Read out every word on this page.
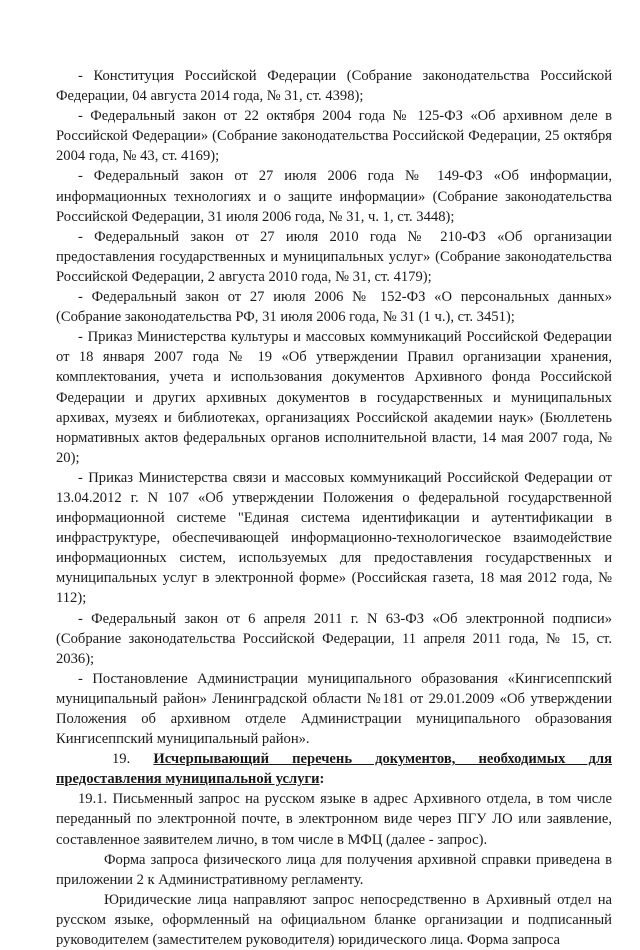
- Конституция Российской Федерации (Собрание законодательства Российской Федерации, 04 августа 2014 года, № 31, ст. 4398);

- Федеральный закон от 22 октября 2004 года № 125-ФЗ «Об архивном деле в Российской Федерации» (Собрание законодательства Российской Федерации, 25 октября 2004 года, № 43, ст. 4169);

- Федеральный закон от 27 июля 2006 года № 149-ФЗ «Об информации, информационных технологиях и о защите информации» (Собрание законодательства Российской Федерации, 31 июля 2006 года, № 31, ч. 1, ст. 3448);

- Федеральный закон от 27 июля 2010 года № 210-ФЗ «Об организации предоставления государственных и муниципальных услуг» (Собрание законодательства Российской Федерации, 2 августа 2010 года, № 31, ст. 4179);

- Федеральный закон от 27 июля 2006 № 152-ФЗ «О персональных данных» (Собрание законодательства РФ, 31 июля 2006 года, № 31 (1 ч.), ст. 3451);

- Приказ Министерства культуры и массовых коммуникаций Российской Федерации от 18 января 2007 года № 19 «Об утверждении Правил организации хранения, комплектования, учета и использования документов Архивного фонда Российской Федерации и других архивных документов в государственных и муниципальных архивах, музеях и библиотеках, организациях Российской академии наук» (Бюллетень нормативных актов федеральных органов исполнительной власти, 14 мая 2007 года, № 20);

- Приказ Министерства связи и массовых коммуникаций Российской Федерации от 13.04.2012 г. N 107 «Об утверждении Положения о федеральной государственной информационной системе "Единая система идентификации и аутентификации в инфраструктуре, обеспечивающей информационно-технологическое взаимодействие информационных систем, используемых для предоставления государственных и муниципальных услуг в электронной форме» (Российская газета, 18 мая 2012 года, № 112);

- Федеральный закон от 6 апреля 2011 г. N 63-ФЗ «Об электронной подписи» (Собрание законодательства Российской Федерации, 11 апреля 2011 года, № 15, ст. 2036);

- Постановление Администрации муниципального образования «Кингисеппский муниципальный район» Ленинградской области №181 от 29.01.2009 «Об утверждении Положения об архивном отделе Администрации муниципального образования Кингисеппский муниципальный район».

19. Исчерпывающий перечень документов, необходимых для предоставления муниципальной услуги:

19.1. Письменный запрос на русском языке в адрес Архивного отдела, в том числе переданный по электронной почте, в электронном виде через ПГУ ЛО или заявление, составленное заявителем лично, в том числе в МФЦ (далее - запрос).

Форма запроса физического лица для получения архивной справки приведена в приложении 2 к Административному регламенту.

Юридические лица направляют запрос непосредственно в Архивный отдел на русском языке, оформленный на официальном бланке организации и подписанный руководителем (заместителем руководителя) юридического лица. Форма запроса
